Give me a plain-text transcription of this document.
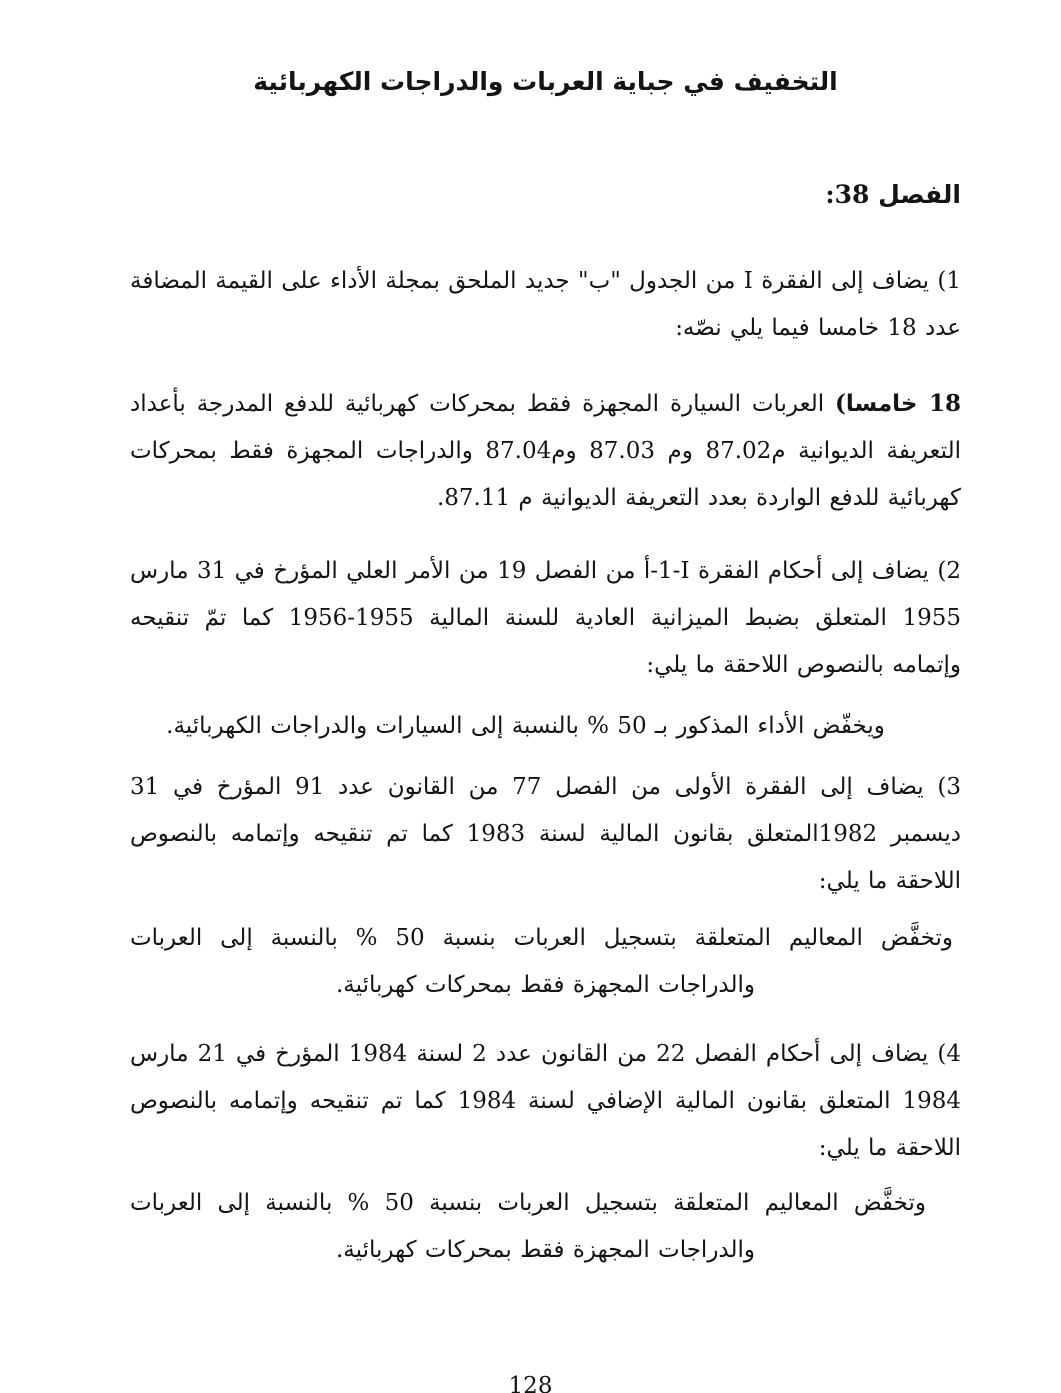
التخفيف في جباية العربات والدراجات الكهربائية
الفصل 38:

1) يضاف إلى الفقرة I من الجدول "ب" جديد الملحق بمجلة الأداء على القيمة المضافة عدد 18 خامسا فيما يلي نصّه:

18 خامسا) العربات السيارة المجهزة فقط بمحركات كهربائية للدفع المدرجة بأعداد التعريفة الديوانية م87.02 وم 87.03 وم87.04 والدراجات المجهزة فقط بمحركات كهربائية للدفع الواردة بعدد التعريفة الديوانية م 87.11.

2) يضاف إلى أحكام الفقرة I‏-1-‏أ من الفصل 19 من الأمر العلي المؤرخ في 31 مارس 1955 المتعلق بضبط الميزانية العادية للسنة المالية 1955‏-‏1956 كما تمّ تنقيحه وإتمامه بالنصوص اللاحقة ما يلي:

ويخفّض الأداء المذكور بـ 50 % بالنسبة إلى السيارات والدراجات الكهربائية.

3) يضاف إلى الفقرة الأولى من الفصل 77 من القانون عدد 91 المؤرخ في 31 ديسمبر 1982المتعلق بقانون المالية لسنة 1983 كما تم تنقيحه وإتمامه بالنصوص اللاحقة ما يلي:

وتخفَّض المعاليم المتعلقة بتسجيل العربات بنسبة 50 % بالنسبة إلى العربات والدراجات المجهزة فقط بمحركات كهربائية.

4) يضاف إلى أحكام الفصل 22 من القانون عدد 2 لسنة 1984 المؤرخ في 21 مارس 1984 المتعلق بقانون المالية الإضافي لسنة 1984 كما تم تنقيحه وإتمامه بالنصوص اللاحقة ما يلي:

وتخفَّض المعاليم المتعلقة بتسجيل العربات بنسبة 50 % بالنسبة إلى العربات والدراجات المجهزة فقط بمحركات كهربائية.

128
